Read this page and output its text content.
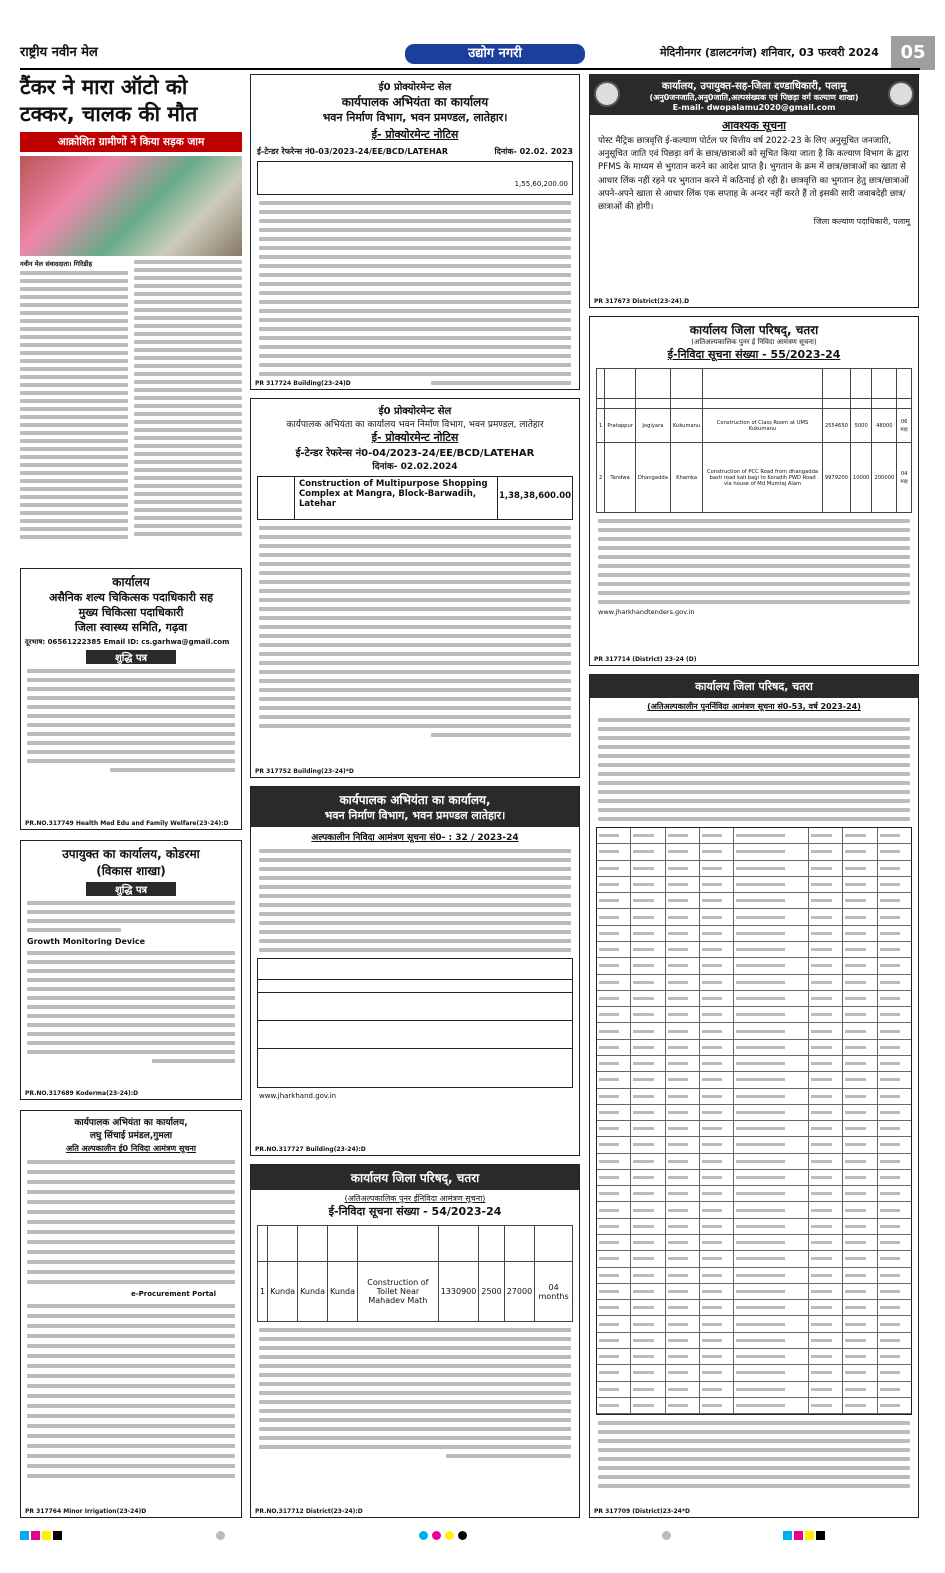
राष्ट्रीय नवीन मेल	उद्योग नगरी	मेदिनीनगर (डालटनगंज) शनिवार, 03 फरवरी 2024	05
टैंकर ने मारा ऑटो को टक्कर, चालक की मौत
आक्रोशित ग्रामीणों ने किया सड़क जाम
नवीन मेल संवाददाता। गिरिडीह
कार्यालय
असैनिक शल्य चिकित्सक पदाधिकारी सह
मुख्य चिकित्सा पदाधिकारी
जिला स्वास्थ्य समिति, गढ़वा
दूरभाष: 06561222385 Email ID: cs.garhwa@gmail.com
शुद्धि पत्र
PR.NO.317749 Health Med Edu and Family Welfare(23-24):D
उपायुक्त का कार्यालय, कोडरमा
(विकास शाखा)
शुद्धि पत्र
Growth Monitoring Device
PR.NO.317689 Koderma(23-24):D
कार्यपालक अभियंता का कार्यालय,
लघु सिंचाई प्रमंडल,गुमला
अति अल्पकालीन ई0 निविदा आमंत्रण सूचना
e-Procurement Portal
PR 317764 Minor Irrigation(23-24)D
ई0 प्रोक्योरमेन्ट सेल
कार्यपालक अभियंता का कार्यालय
भवन निर्माण विभाग, भवन प्रमण्डल, लातेहार।
ई- प्रोक्योरमेन्ट नोटिस
ई-टेन्डर रेफरेन्स नं0-03/2023-24/EE/BCD/LATEHAR	दिनांक- 02.02. 2023
1,55,60,200.00
PR 317724 Building(23-24)D
ई0 प्रोक्योरमेन्ट सेल
कार्यपालक अभियंता का कार्यालय भवन निर्माण विभाग, भवन प्रमण्डल, लातेहार
ई- प्रोक्योरमेन्ट नोटिस
ई-टेन्डर रेफरेन्स नं0-04/2023-24/EE/BCD/LATEHAR
दिनांक- 02.02.2024
Construction of Multipurpose Shopping Complex at Mangra, Block-Barwadih, Latehar
1,38,38,600.00
PR 317752 Building(23-24)*D
कार्यपालक अभियंता का कार्यालय,
भवन निर्माण विभाग, भवन प्रमण्डल लातेहार।
अल्पकालीन निविदा आमंत्रण सूचना सं0- : 32 / 2023-24
www.jharkhand.gov.in
PR.NO.317727 Building(23-24):D
कार्यालय जिला परिषद्, चतरा
(अतिअल्पकालिक पुनर ईनिविदा आमंत्रण सूचना)
ई-निविदा सूचना संख्या - 54/2023-24

1	Kunda	Kunda	Kunda	Construction of Toilet Near Mahadev Math	1330900	2500	27000	04 months
PR.NO.317712 District(23-24):D
कार्यालय, उपायुक्त-सह-जिला दण्डाधिकारी, पलामू
(अनु0जनजाति,अनु0जाति,अल्पसंख्यक एवं पिछड़ा वर्ग कल्याण शाखा)
E-mail- dwopalamu2020@gmail.com
आवश्यक सूचना
पोस्ट मैट्रिक छात्रवृत्ति ई-कल्याण पोर्टल पर वित्तीय वर्ष 2022-23 के लिए अनुसूचित जनजाति, अनुसूचित जाति एवं पिछड़ा वर्ग के छात्र/छात्राओं को सूचित किया जाता है कि कल्याण विभाग के द्वारा PFMS के माध्यम से भुगतान करने का आदेश प्राप्त है। भुगतान के क्रम में छात्र/छात्राओं का खाता से आधार लिंक नहीं रहने पर भुगतान करने में कठिनाई हो रही है। छात्रवृत्ति का भुगतान हेतु छात्र/छात्राओं अपने-अपने खाता से आधार लिंक एक सप्ताह के अन्दर नहीं करते हैं तो इसकी सारी जवाबदेही छात्र/छात्राओं की होगी।
जिला कल्याण पदाधिकारी, पलामू
PR 317673 District(23-24).D
कार्यालय जिला परिषद्, चतरा
(अतिअल्पकालिक पुनर ई निविदा आमंत्रण सूचना)
ई-निविदा सूचना संख्या - 55/2023-24

1	Pratappur	Jogiyara	Kukumanu	Construction of Class Room at UMS Kukumanu	2554650	5000	48000	06 माह
2	Tandwa	Dhangadda	Khamka	Construction of PCC Road from dhangadda basti road kali bagi to Koradih PWD Road via house of Md Mumtaj Alam	9979200	10000	200000	04 माह
www.jharkhandtenders.gov.in
PR 317714 (District) 23-24 (D)
कार्यालय जिला परिषद, चतरा
(अतिअल्पकालीन पुनर्निविदा आमंत्रण सूचना सं0-53, वर्ष 2023-24)
PR 317709 (District)23-24*D
